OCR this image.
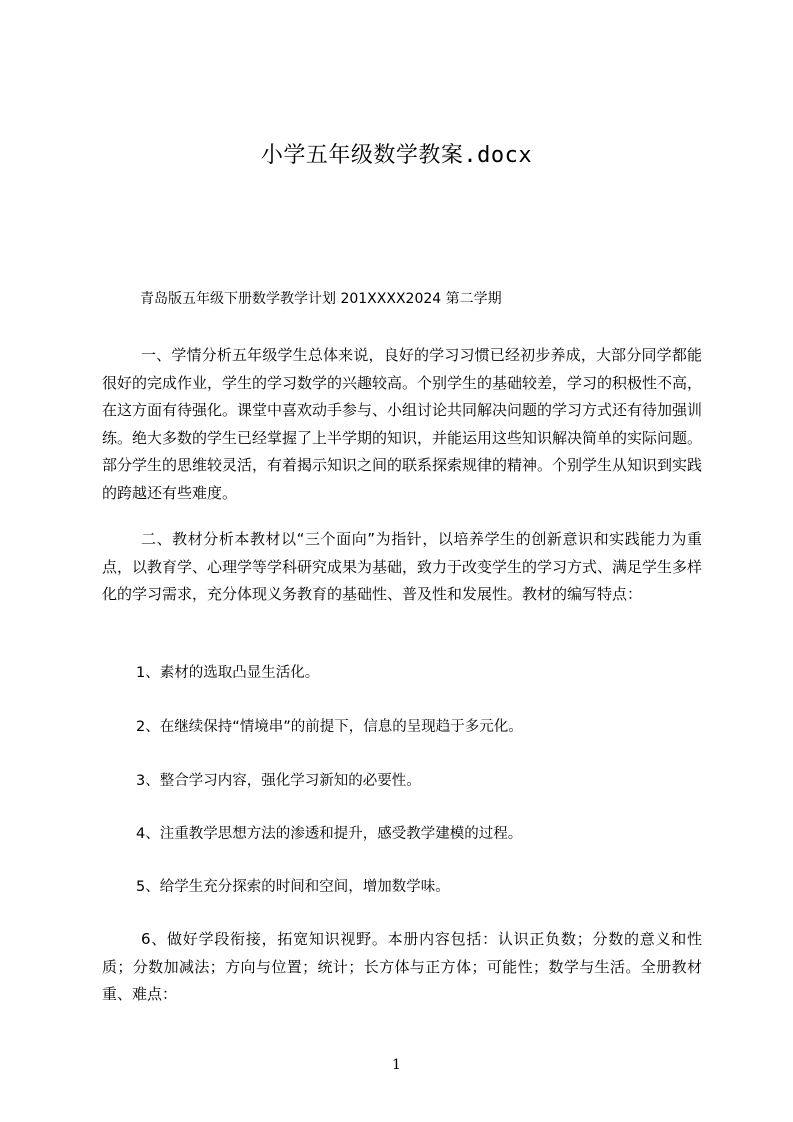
小学五年级数学教案.docx
青岛版五年级下册数学教学计划 201XXXX2024 第二学期

一、学情分析五年级学生总体来说，良好的学习习惯已经初步养成，大部分同学都能很好的完成作业，学生的学习数学的兴趣较高。个别学生的基础较差，学习的积极性不高，在这方面有待强化。课堂中喜欢动手参与、小组讨论共同解决问题的学习方式还有待加强训练。绝大多数的学生已经掌握了上半学期的知识，并能运用这些知识解决简单的实际问题。部分学生的思维较灵活，有着揭示知识之间的联系探索规律的精神。个别学生从知识到实践的跨越还有些难度。

二、教材分析本教材以“三个面向”为指针，以培养学生的创新意识和实践能力为重点，以教育学、心理学等学科研究成果为基础，致力于改变学生的学习方式、满足学生多样化的学习需求，充分体现义务教育的基础性、普及性和发展性。教材的编写特点：

1、素材的选取凸显生活化。

2、在继续保持“情境串”的前提下，信息的呈现趋于多元化。

3、整合学习内容，强化学习新知的必要性。

4、注重教学思想方法的渗透和提升，感受教学建模的过程。

5、给学生充分探索的时间和空间，增加数学味。

6、做好学段衔接，拓宽知识视野。本册内容包括：认识正负数；分数的意义和性质；分数加减法；方向与位置；统计；长方体与正方体；可能性；数学与生活。全册教材重、难点：

1
